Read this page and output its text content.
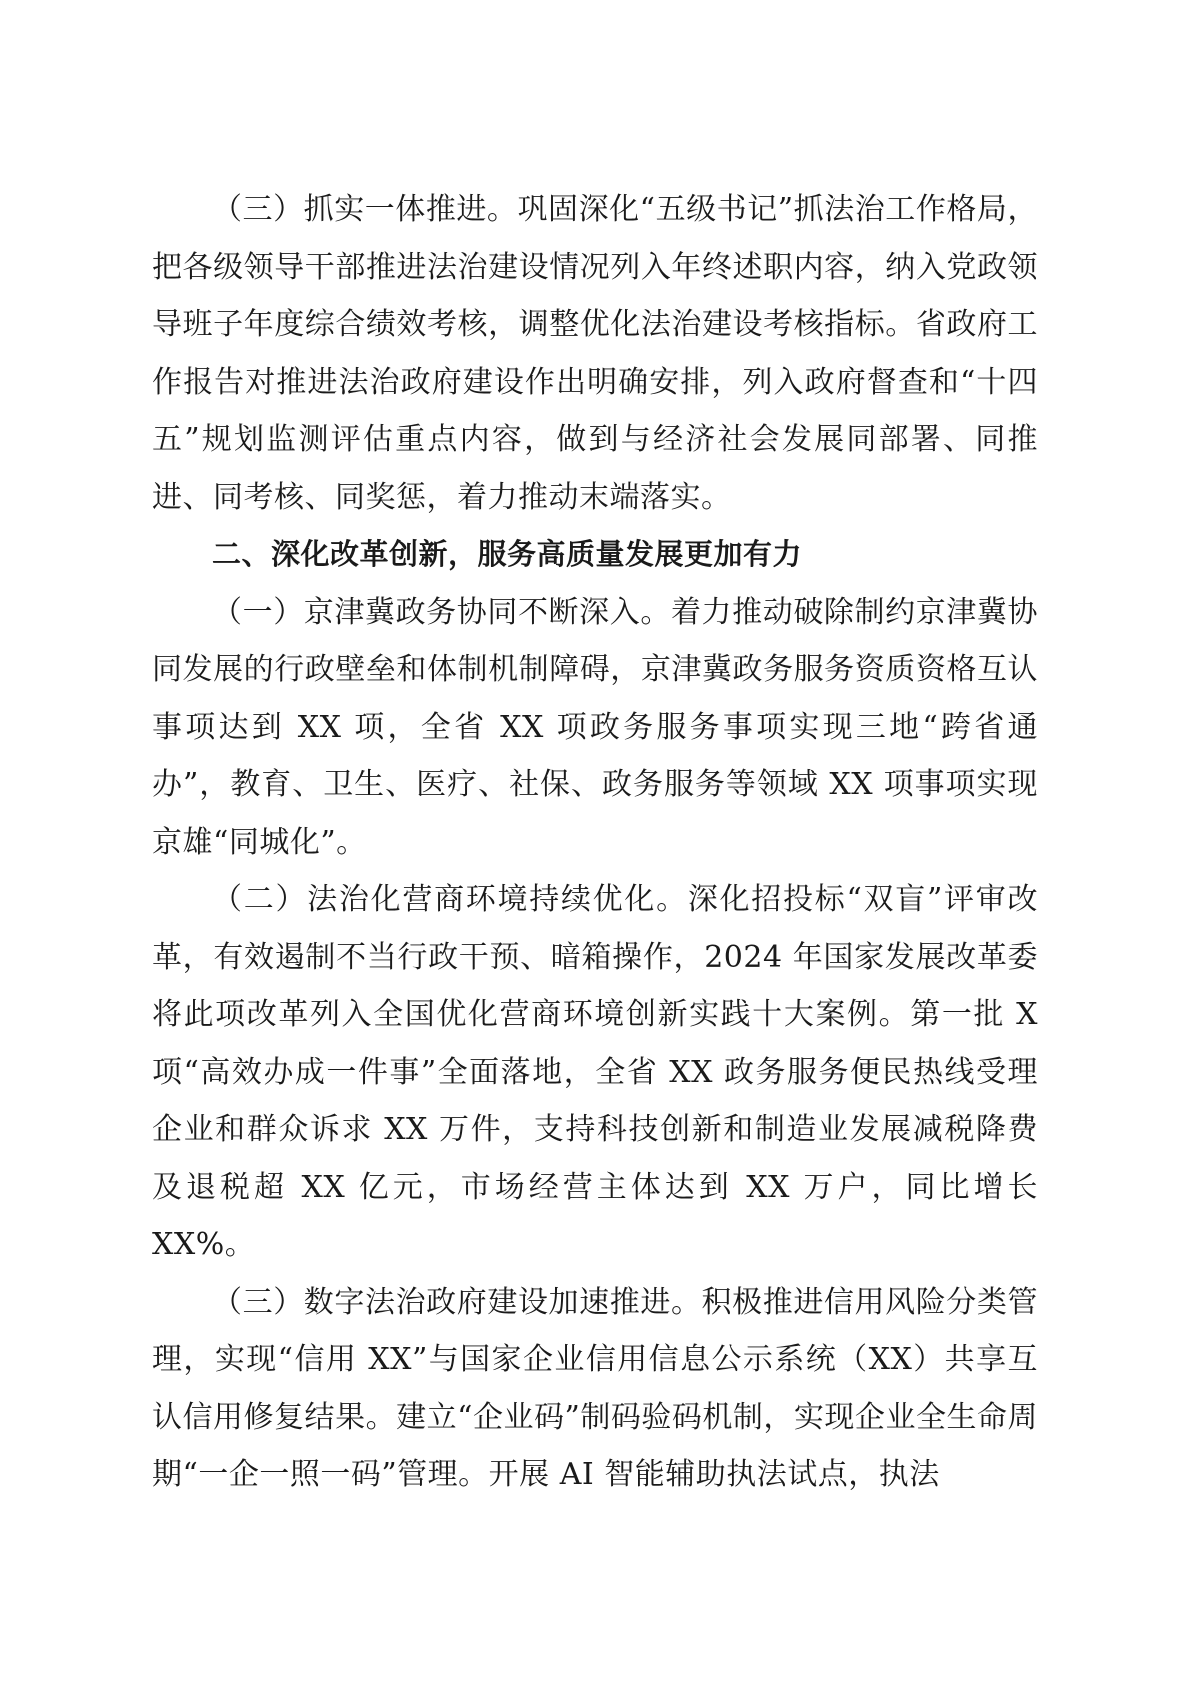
（三）抓实一体推进。巩固深化“五级书记”抓法治工作格局，把各级领导干部推进法治建设情况列入年终述职内容，纳入党政领导班子年度综合绩效考核，调整优化法治建设考核指标。省政府工作报告对推进法治政府建设作出明确安排，列入政府督查和“十四五”规划监测评估重点内容，做到与经济社会发展同部署、同推进、同考核、同奖惩，着力推动末端落实。

二、深化改革创新，服务高质量发展更加有力

（一）京津冀政务协同不断深入。着力推动破除制约京津冀协同发展的行政壁垒和体制机制障碍，京津冀政务服务资质资格互认事项达到 XX 项，全省 XX 项政务服务事项实现三地“跨省通办”，教育、卫生、医疗、社保、政务服务等领域 XX 项事项实现京雄“同城化”。

（二）法治化营商环境持续优化。深化招投标“双盲”评审改革，有效遏制不当行政干预、暗箱操作，2024 年国家发展改革委将此项改革列入全国优化营商环境创新实践十大案例。第一批 X 项“高效办成一件事”全面落地，全省 XX 政务服务便民热线受理企业和群众诉求 XX 万件，支持科技创新和制造业发展减税降费及退税超 XX 亿元，市场经营主体达到 XX 万户，同比增长XX%。

（三）数字法治政府建设加速推进。积极推进信用风险分类管理，实现“信用 XX”与国家企业信用信息公示系统（XX）共享互认信用修复结果。建立“企业码”制码验码机制，实现企业全生命周期“一企一照一码”管理。开展 AI 智能辅助执法试点，执法
